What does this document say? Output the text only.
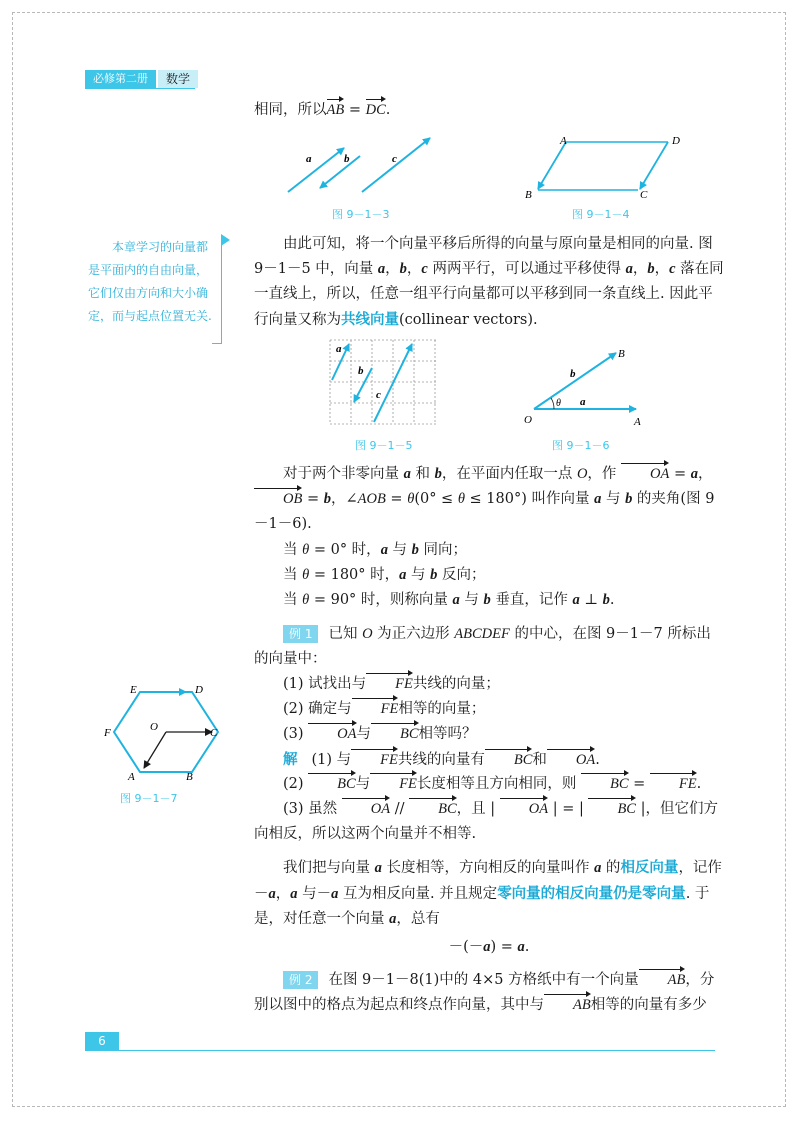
必修第二册	数学

相同，所以AB = DC.

a	b	c
图 9－1－3
A	D
B	C
图 9－1－4

本章学习的向量都是平面内的自由向量，它们仅由方向和大小确定，而与起点位置无关.

由此可知，将一个向量平移后所得的向量与原向量是相同的向量. 图 9－1－5 中，向量 a，b，c 两两平行，可以通过平移使得 a，b，c 落在同一直线上，所以，任意一组平行向量都可以平移到同一条直线上. 因此平行向量又称为共线向量(collinear vectors).

a
b
c
图 9－1－5
O	A
B
a
b
θ
图 9－1－6

对于两个非零向量 a 和 b，在平面内任取一点 O，作 OA = a，OB = b，∠AOB = θ(0° ≤ θ ≤ 180°) 叫作向量 a 与 b 的夹角(图 9－1－6).

当 θ = 0° 时，a 与 b 同向；

当 θ = 180° 时，a 与 b 反向；

当 θ = 90° 时，则称向量 a 与 b 垂直，记作 a ⊥ b.

例 1 已知 O 为正六边形 ABCDEF 的中心，在图 9－1－7 所标出的向量中：

(1) 试找出与 FE共线的向量；

(2) 确定与 FE相等的向量；

(3) OA与 BC相等吗？

解 (1) 与 FE共线的向量有 BC和 OA.

(2) BC与 FE长度相等且方向相同，则 BC = FE.

(3) 虽然 OA // BC，且 | OA | = | BC |，但它们方向相反，所以这两个向量并不相等.

E	D
F	C
O
A	B
图 9－1－7

我们把与向量 a 长度相等，方向相反的向量叫作 a 的相反向量，记作－a，a 与－a 互为相反向量. 并且规定零向量的相反向量仍是零向量. 于是，对任意一个向量 a，总有

－(－a) = a.

例 2 在图 9－1－8(1)中的 4×5 方格纸中有一个向量 AB，分别以图中的格点为起点和终点作向量，其中与 AB相等的向量有多少

6
